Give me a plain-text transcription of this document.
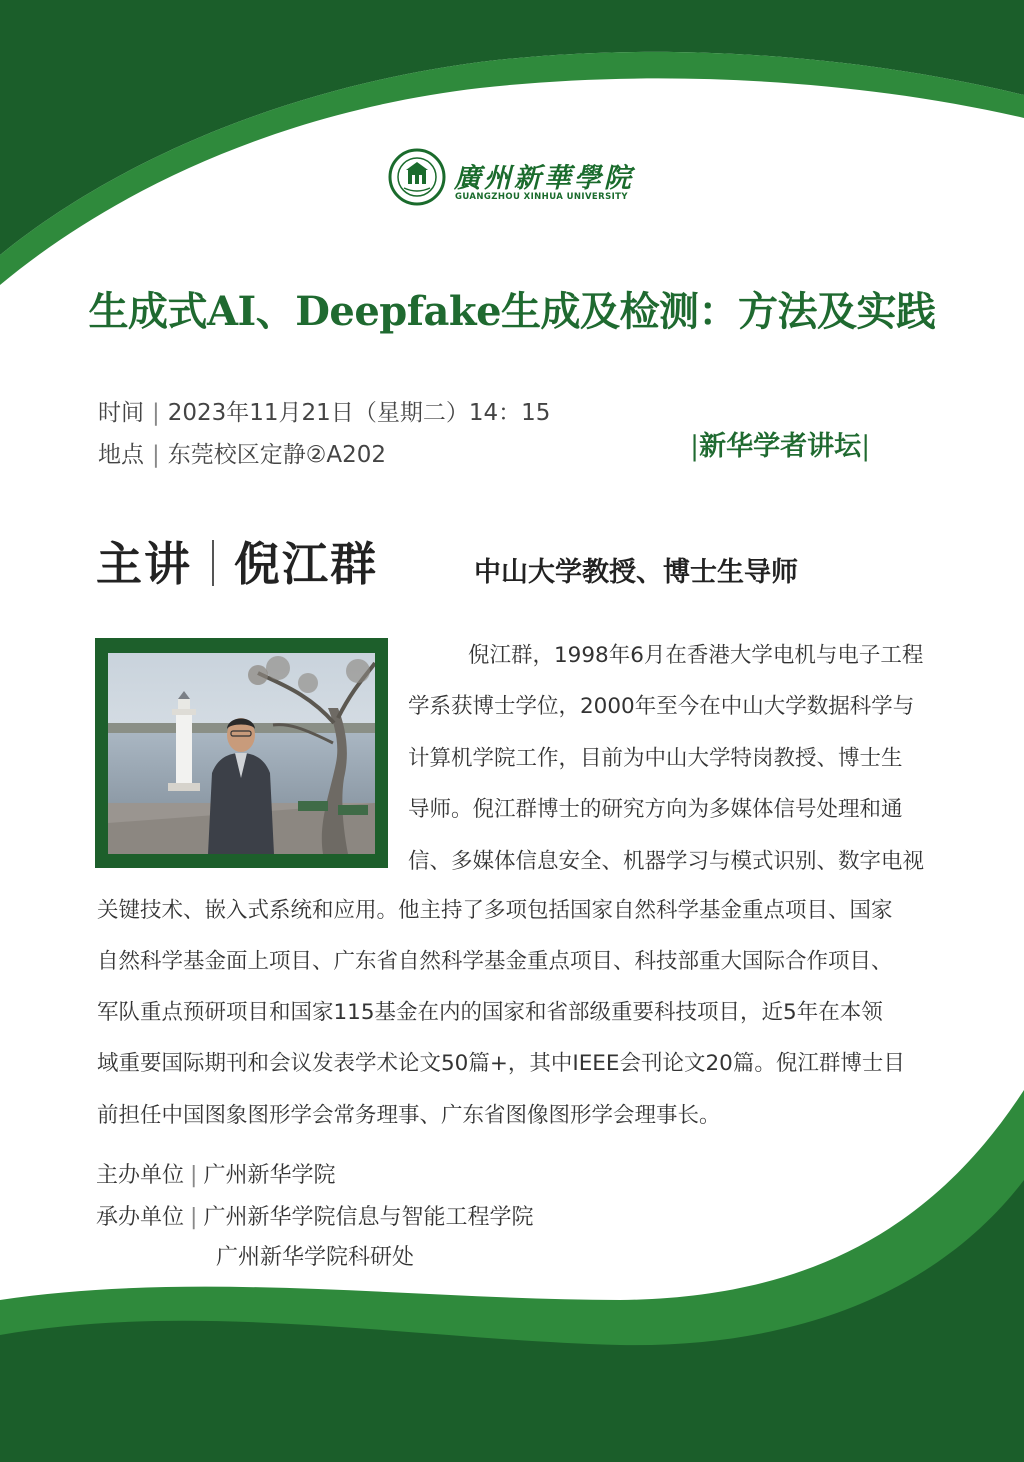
廣州新華學院
GUANGZHOU XINHUA UNIVERSITY
生成式AI、Deepfake生成及检测：方法及实践
时间 | 2023年11月21日（星期二）14：15
地点 | 东莞校区定静②A202	|新华学者讲坛|
主讲 倪江群	中山大学教授、博士生导师
倪江群，1998年6月在香港大学电机与电子工程
学系获博士学位，2000年至今在中山大学数据科学与
计算机学院工作，目前为中山大学特岗教授、博士生
导师。倪江群博士的研究方向为多媒体信号处理和通
信、多媒体信息安全、机器学习与模式识别、数字电视
关键技术、嵌入式系统和应用。他主持了多项包括国家自然科学基金重点项目、国家
自然科学基金面上项目、广东省自然科学基金重点项目、科技部重大国际合作项目、
军队重点预研项目和国家115基金在内的国家和省部级重要科技项目，近5年在本领
域重要国际期刊和会议发表学术论文50篇+，其中IEEE会刊论文20篇。倪江群博士目
前担任中国图象图形学会常务理事、广东省图像图形学会理事长。
主办单位 | 广州新华学院
承办单位 | 广州新华学院信息与智能工程学院
广州新华学院科研处
